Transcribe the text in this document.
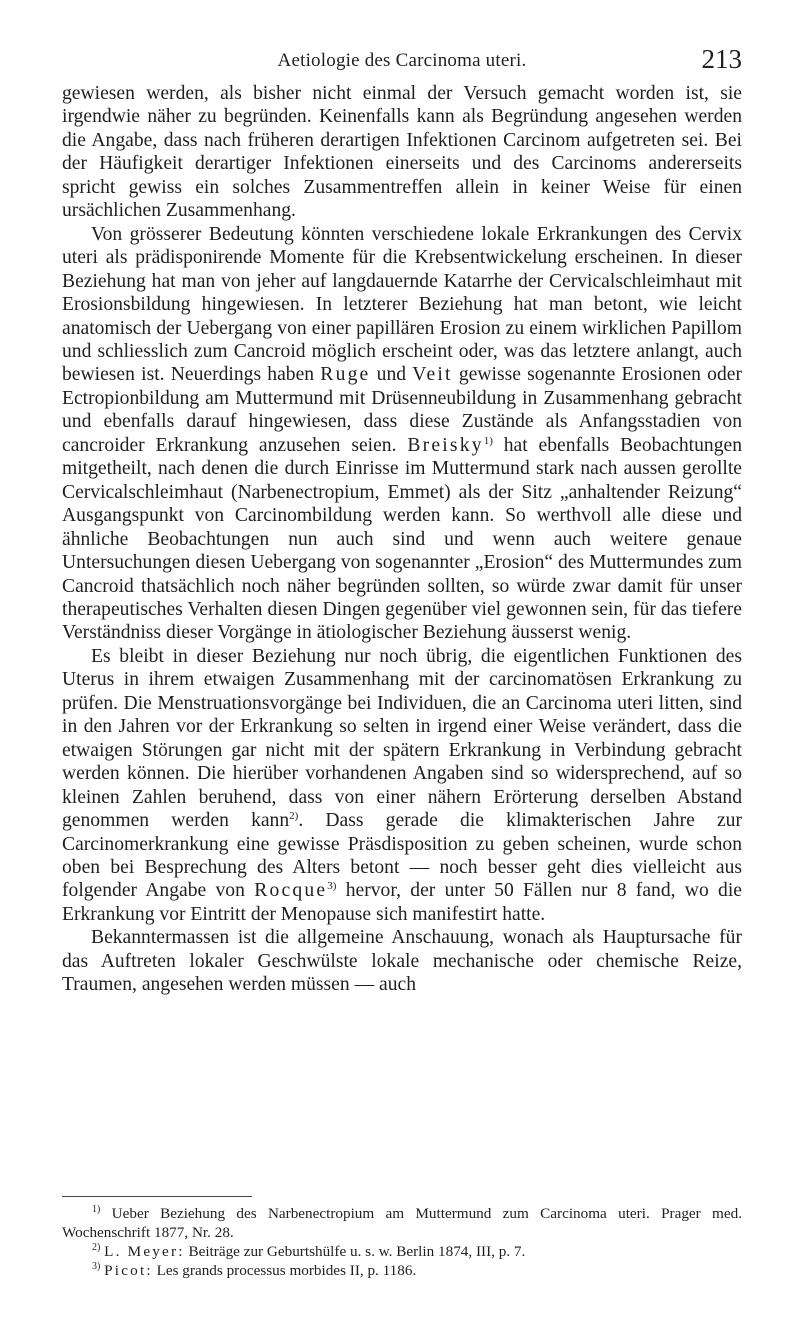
Aetiologie des Carcinoma uteri.	213

gewiesen werden, als bisher nicht einmal der Versuch gemacht worden ist, sie irgendwie näher zu begründen. Keinenfalls kann als Begründung angesehen werden die Angabe, dass nach früheren derartigen Infektionen Carcinom aufgetreten sei. Bei der Häufigkeit derartiger Infektionen einerseits und des Carcinoms andererseits spricht gewiss ein solches Zusammentreffen allein in keiner Weise für einen ursächlichen Zusammenhang.

Von grösserer Bedeutung könnten verschiedene lokale Erkrankungen des Cervix uteri als prädisponirende Momente für die Krebsentwickelung erscheinen. In dieser Beziehung hat man von jeher auf langdauernde Katarrhe der Cervicalschleimhaut mit Erosionsbildung hingewiesen. In letzterer Beziehung hat man betont, wie leicht anatomisch der Uebergang von einer papillären Erosion zu einem wirklichen Papillom und schliesslich zum Cancroid möglich erscheint oder, was das letztere anlangt, auch bewiesen ist. Neuerdings haben Ruge und Veit gewisse sogenannte Erosionen oder Ectropionbildung am Muttermund mit Drüsenneubildung in Zusammenhang gebracht und ebenfalls darauf hingewiesen, dass diese Zustände als Anfangsstadien von cancroider Erkrankung anzusehen seien. Breisky$^{1)}$ hat ebenfalls Beobachtungen mitgetheilt, nach denen die durch Einrisse im Muttermund stark nach aussen gerollte Cervicalschleimhaut (Narbenectropium, Emmet) als der Sitz „anhaltender Reizung“ Ausgangspunkt von Carcinombildung werden kann. So werthvoll alle diese und ähnliche Beobachtungen nun auch sind und wenn auch weitere genaue Untersuchungen diesen Uebergang von sogenannter „Erosion“ des Muttermundes zum Cancroid thatsächlich noch näher begründen sollten, so würde zwar damit für unser therapeutisches Verhalten diesen Dingen gegenüber viel gewonnen sein, für das tiefere Verständniss dieser Vorgänge in ätiologischer Beziehung äusserst wenig.

Es bleibt in dieser Beziehung nur noch übrig, die eigentlichen Funktionen des Uterus in ihrem etwaigen Zusammenhang mit der carcinomatösen Erkrankung zu prüfen. Die Menstruationsvorgänge bei Individuen, die an Carcinoma uteri litten, sind in den Jahren vor der Erkrankung so selten in irgend einer Weise verändert, dass die etwaigen Störungen gar nicht mit der spätern Erkrankung in Verbindung gebracht werden können. Die hierüber vorhandenen Angaben sind so widersprechend, auf so kleinen Zahlen beruhend, dass von einer nähern Erörterung derselben Abstand genommen werden kann$^{2)}$. Dass gerade die klimakterischen Jahre zur Carcinomerkrankung eine gewisse Präsdisposition zu geben scheinen, wurde schon oben bei Besprechung des Alters betont — noch besser geht dies vielleicht aus folgender Angabe von Rocque$^{3)}$ hervor, der unter 50 Fällen nur 8 fand, wo die Erkrankung vor Eintritt der Menopause sich manifestirt hatte.

Bekanntermassen ist die allgemeine Anschauung, wonach als Hauptursache für das Auftreten lokaler Geschwülste lokale mechanische oder chemische Reize, Traumen, angesehen werden müssen — auch

$^{1)}$ Ueber Beziehung des Narbenectropium am Muttermund zum Carcinoma uteri. Prager med. Wochenschrift 1877, Nr. 28.

$^{2)}$ L. Meyer: Beiträge zur Geburtshülfe u. s. w. Berlin 1874, III, p. 7.

$^{3)}$ Picot: Les grands processus morbides II, p. 1186.
